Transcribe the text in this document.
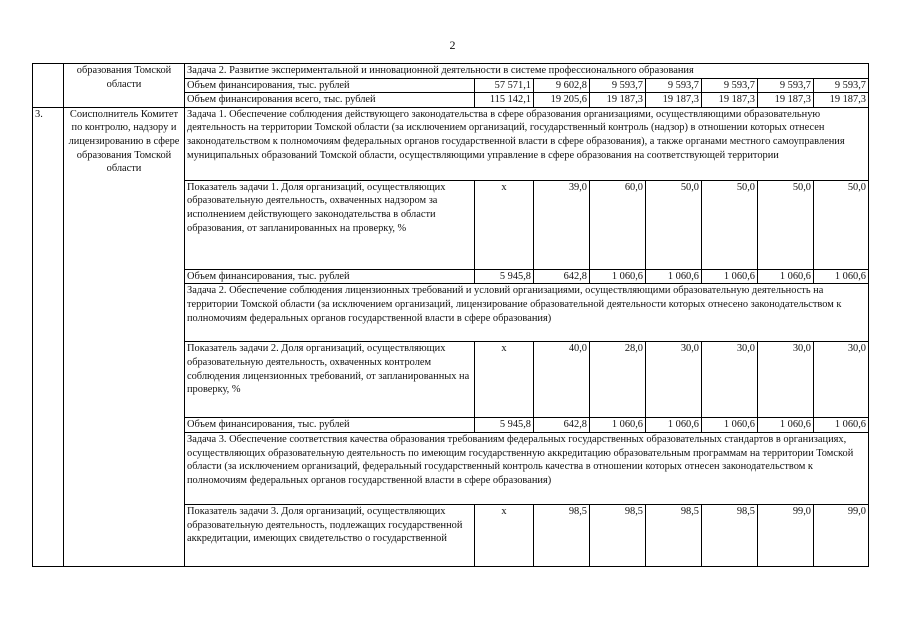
2
	образования Томской области	Задача 2. Развитие экспериментальной и инновационной деятельности в системе профессионального образования							
		Объем финансирования, тыс. рублей	57 571,1	9 602,8	9 593,7	9 593,7	9 593,7	9 593,7	9 593,7
		Объем финансирования всего, тыс. рублей	115 142,1	19 205,6	19 187,3	19 187,3	19 187,3	19 187,3	19 187,3
3.	Соисполнитель Комитет по контролю, надзору и лицензированию в сфере образования Томской области	Задача 1. Обеспечение соблюдения действующего законодательства в сфере образования организациями, осуществляющими образовательную деятельность на территории Томской области (за исключением организаций, государственный контроль (надзор) в отношении которых отнесен законодательством к полномочиям федеральных органов государственной власти в сфере образования), а также органами местного самоуправления муниципальных образований Томской области, осуществляющими управление в сфере образования на соответствующей территории							
		Показатель задачи 1. Доля организаций, осуществляющих образовательную деятельность, охваченных надзором за исполнением действующего законодательства в области образования, от запланированных на проверку, %	x	39,0	60,0	50,0	50,0	50,0	50,0
		Объем финансирования, тыс. рублей	5 945,8	642,8	1 060,6	1 060,6	1 060,6	1 060,6	1 060,6
		Задача 2. Обеспечение соблюдения лицензионных требований и условий организациями, осуществляющими образовательную деятельность на территории Томской области (за исключением организаций, лицензирование образовательной деятельности которых отнесено законодательством к полномочиям федеральных органов государственной власти в сфере образования)							
		Показатель задачи 2. Доля организаций, осуществляющих образовательную деятельность, охваченных контролем соблюдения лицензионных требований, от запланированных на проверку, %	x	40,0	28,0	30,0	30,0	30,0	30,0
		Объем финансирования, тыс. рублей	5 945,8	642,8	1 060,6	1 060,6	1 060,6	1 060,6	1 060,6
		Задача 3. Обеспечение соответствия качества образования требованиям федеральных государственных образовательных стандартов в организациях, осуществляющих образовательную деятельность по имеющим государственную аккредитацию образовательным программам на территории Томской области (за исключением организаций, федеральный государственный контроль качества в отношении которых отнесен законодательством к полномочиям федеральных органов государственной власти в сфере образования)							
		Показатель задачи 3. Доля организаций, осуществляющих образовательную деятельность, подлежащих государственной аккредитации, имеющих свидетельство о государственной	x	98,5	98,5	98,5	98,5	99,0	99,0
